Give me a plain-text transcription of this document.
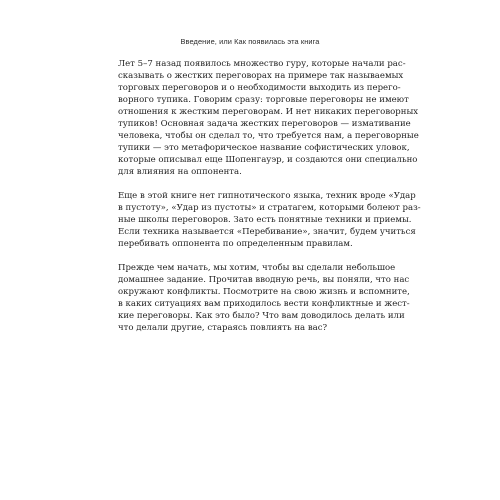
Введение, или Как появилась эта книга

Лет 5–7 назад появилось множество гуру, которые начали рас-
сказывать о жестких переговорах на примере так называемых
торговых переговоров и о необходимости выходить из перего-
ворного тупика. Говорим сразу: торговые переговоры не имеют
отношения к жестким переговорам. И нет никаких переговорных
тупиков! Основная задача жестких переговоров — измативание
человека, чтобы он сделал то, что требуется нам, а переговорные
тупики — это метафорическое название софистических уловок,
которые описывал еще Шопенгауэр, и создаются они специально
для влияния на оппонента.

Еще в этой книге нет гипнотического языка, техник вроде «Удар
в пустоту», «Удар из пустоты» и стратагем, которыми болеют раз-
ные школы переговоров. Зато есть понятные техники и приемы.
Если техника называется «Перебивание», значит, будем учиться
перебивать оппонента по определенным правилам.

Прежде чем начать, мы хотим, чтобы вы сделали небольшое
домашнее задание. Прочитав вводную речь, вы поняли, что нас
окружают конфликты. Посмотрите на свою жизнь и вспомните,
в каких ситуациях вам приходилось вести конфликтные и жест-
кие переговоры. Как это было? Что вам доводилось делать или
что делали другие, стараясь повлиять на вас?
